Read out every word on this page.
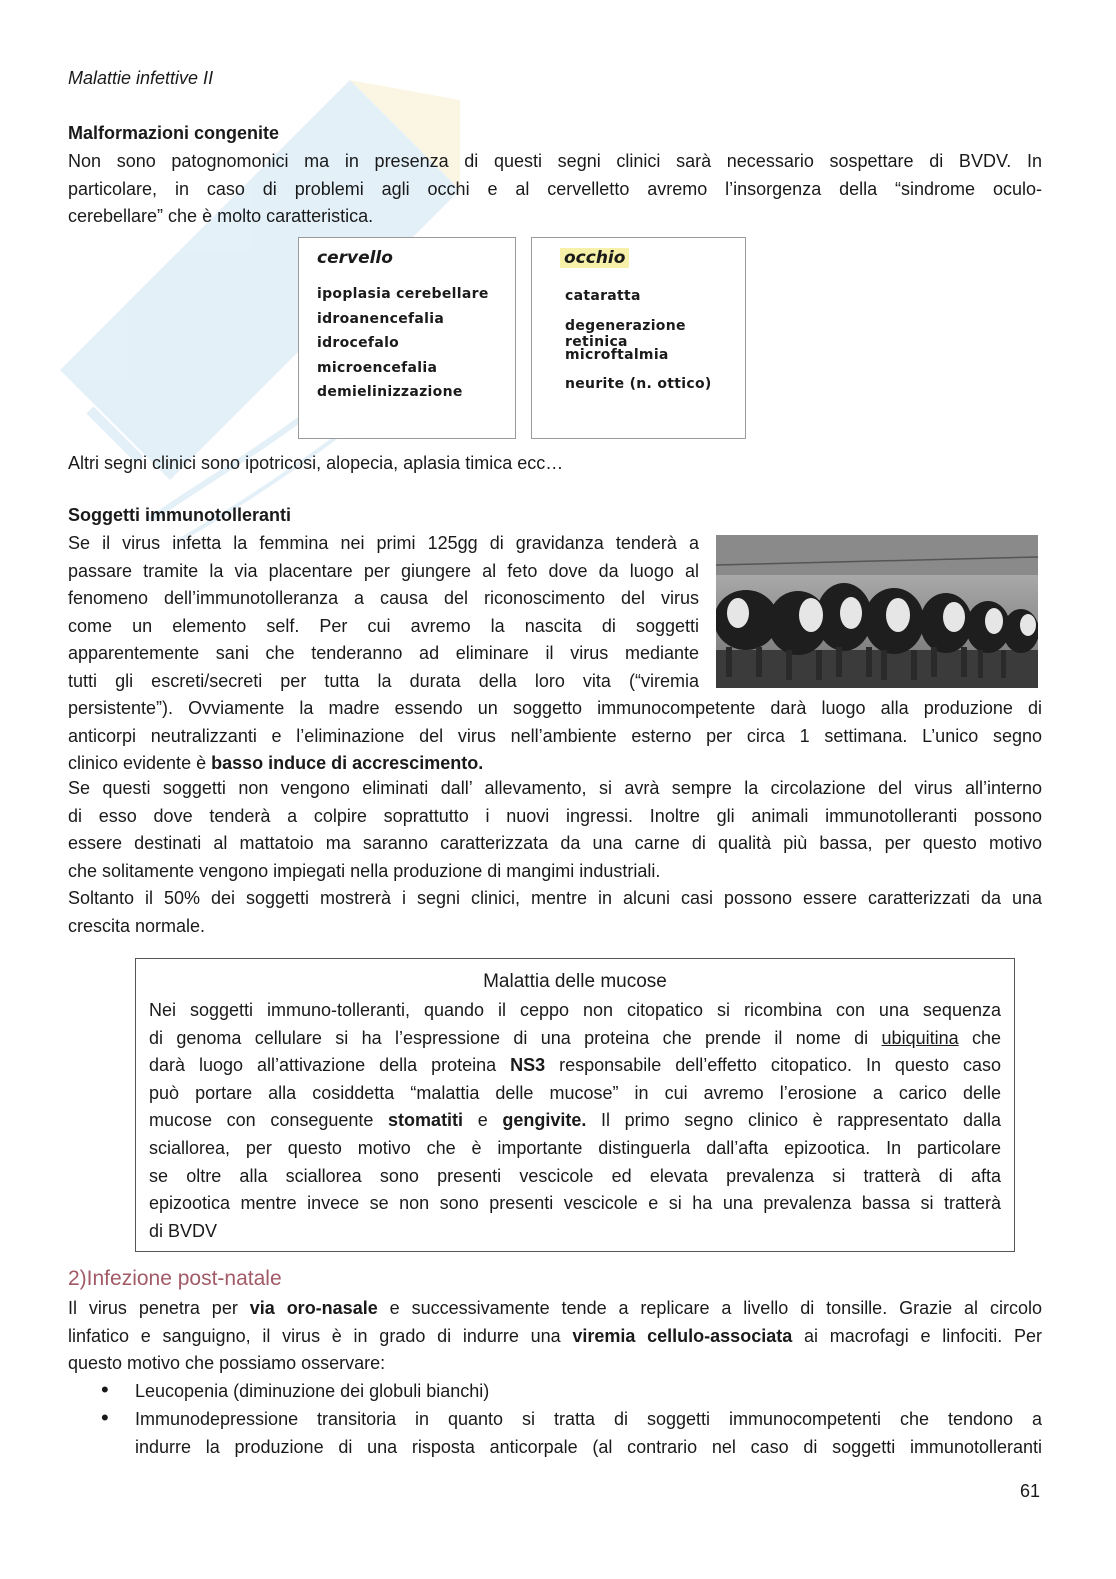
Malattie infettive II
Malformazioni congenite
Non sono patognomonici ma in presenza di questi segni clinici sarà necessario sospettare di BVDV. In
particolare, in caso di problemi agli occhi e al cervelletto avremo l’insorgenza della “sindrome oculo-
cerebellare” che è molto caratteristica.
cervello
ipoplasia cerebellare
idroanencefalia
idrocefalo
microencefalia
demielinizzazione
occhio
cataratta
degenerazione retinica
microftalmia
neurite (n. ottico)
Altri segni clinici sono ipotricosi, alopecia, aplasia timica ecc…
Soggetti immunotolleranti
Se il virus infetta la femmina nei primi 125gg di gravidanza tenderà a
passare tramite la via placentare per giungere al feto dove da luogo al
fenomeno dell’immunotolleranza a causa del riconoscimento del virus
come un elemento self. Per cui avremo la nascita di soggetti
apparentemente sani che tenderanno ad eliminare il virus mediante
tutti gli escreti/secreti per tutta la durata della loro vita (“viremia
persistente”). Ovviamente la madre essendo un soggetto immunocompetente darà luogo alla produzione di
anticorpi neutralizzanti e l’eliminazione del virus nell’ambiente esterno per circa 1 settimana. L’unico segno
clinico evidente è basso induce di accrescimento.
Se questi soggetti non vengono eliminati dall’ allevamento, si avrà sempre la circolazione del virus all’interno
di esso dove tenderà a colpire soprattutto i nuovi ingressi. Inoltre gli animali immunotolleranti possono
essere destinati al mattatoio ma saranno caratterizzata da una carne di qualità più bassa, per questo motivo
che solitamente vengono impiegati nella produzione di mangimi industriali.
Soltanto il 50% dei soggetti mostrerà i segni clinici, mentre in alcuni casi possono essere caratterizzati da una
crescita normale.
Malattia delle mucose
Nei soggetti immuno-tolleranti, quando il ceppo non citopatico si ricombina con una sequenza
di genoma cellulare si ha l’espressione di una proteina che prende il nome di ubiquitina che
darà luogo all’attivazione della proteina NS3 responsabile dell’effetto citopatico. In questo caso
può portare alla cosiddetta “malattia delle mucose” in cui avremo l’erosione a carico delle
mucose con conseguente stomatiti e gengivite. Il primo segno clinico è rappresentato dalla
sciallorea, per questo motivo che è importante distinguerla dall’afta epizootica. In particolare
se oltre alla sciallorea sono presenti vescicole ed elevata prevalenza si tratterà di afta
epizootica mentre invece se non sono presenti vescicole e si ha una prevalenza bassa si tratterà
di BVDV
2)Infezione post-natale
Il virus penetra per via oro-nasale e successivamente tende a replicare a livello di tonsille. Grazie al circolo
linfatico e sanguigno, il virus è in grado di indurre una viremia cellulo-associata ai macrofagi e linfociti. Per
questo motivo che possiamo osservare:
• Leucopenia (diminuzione dei globuli bianchi)
• Immunodepressione transitoria in quanto si tratta di soggetti immunocompetenti che tendono a
indurre la produzione di una risposta anticorpale (al contrario nel caso di soggetti immunotolleranti
61
